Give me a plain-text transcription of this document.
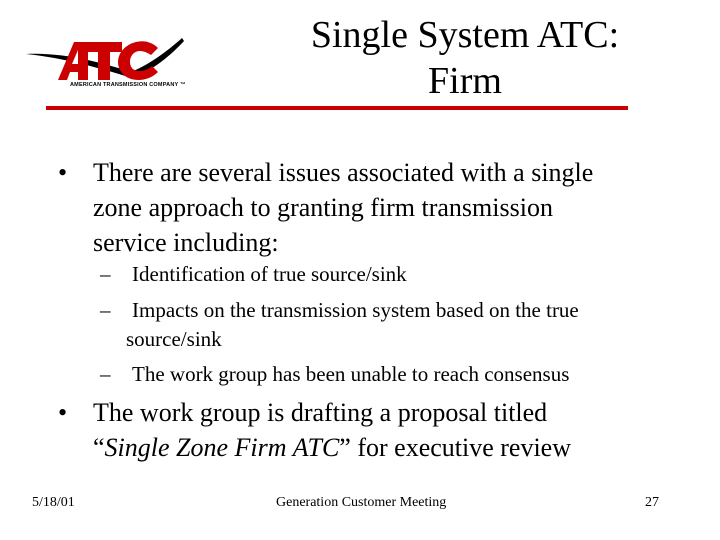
AMERICAN TRANSMISSION COMPANY ™
Single System ATC:
Firm
• There are several issues associated with a single
zone approach to granting firm transmission
service including:
– Identification of true source/sink
– Impacts on the transmission system based on the true
source/sink
– The work group has been unable to reach consensus
• The work group is drafting a proposal titled
“Single Zone Firm ATC” for executive review
5/18/01	Generation Customer Meeting	27
